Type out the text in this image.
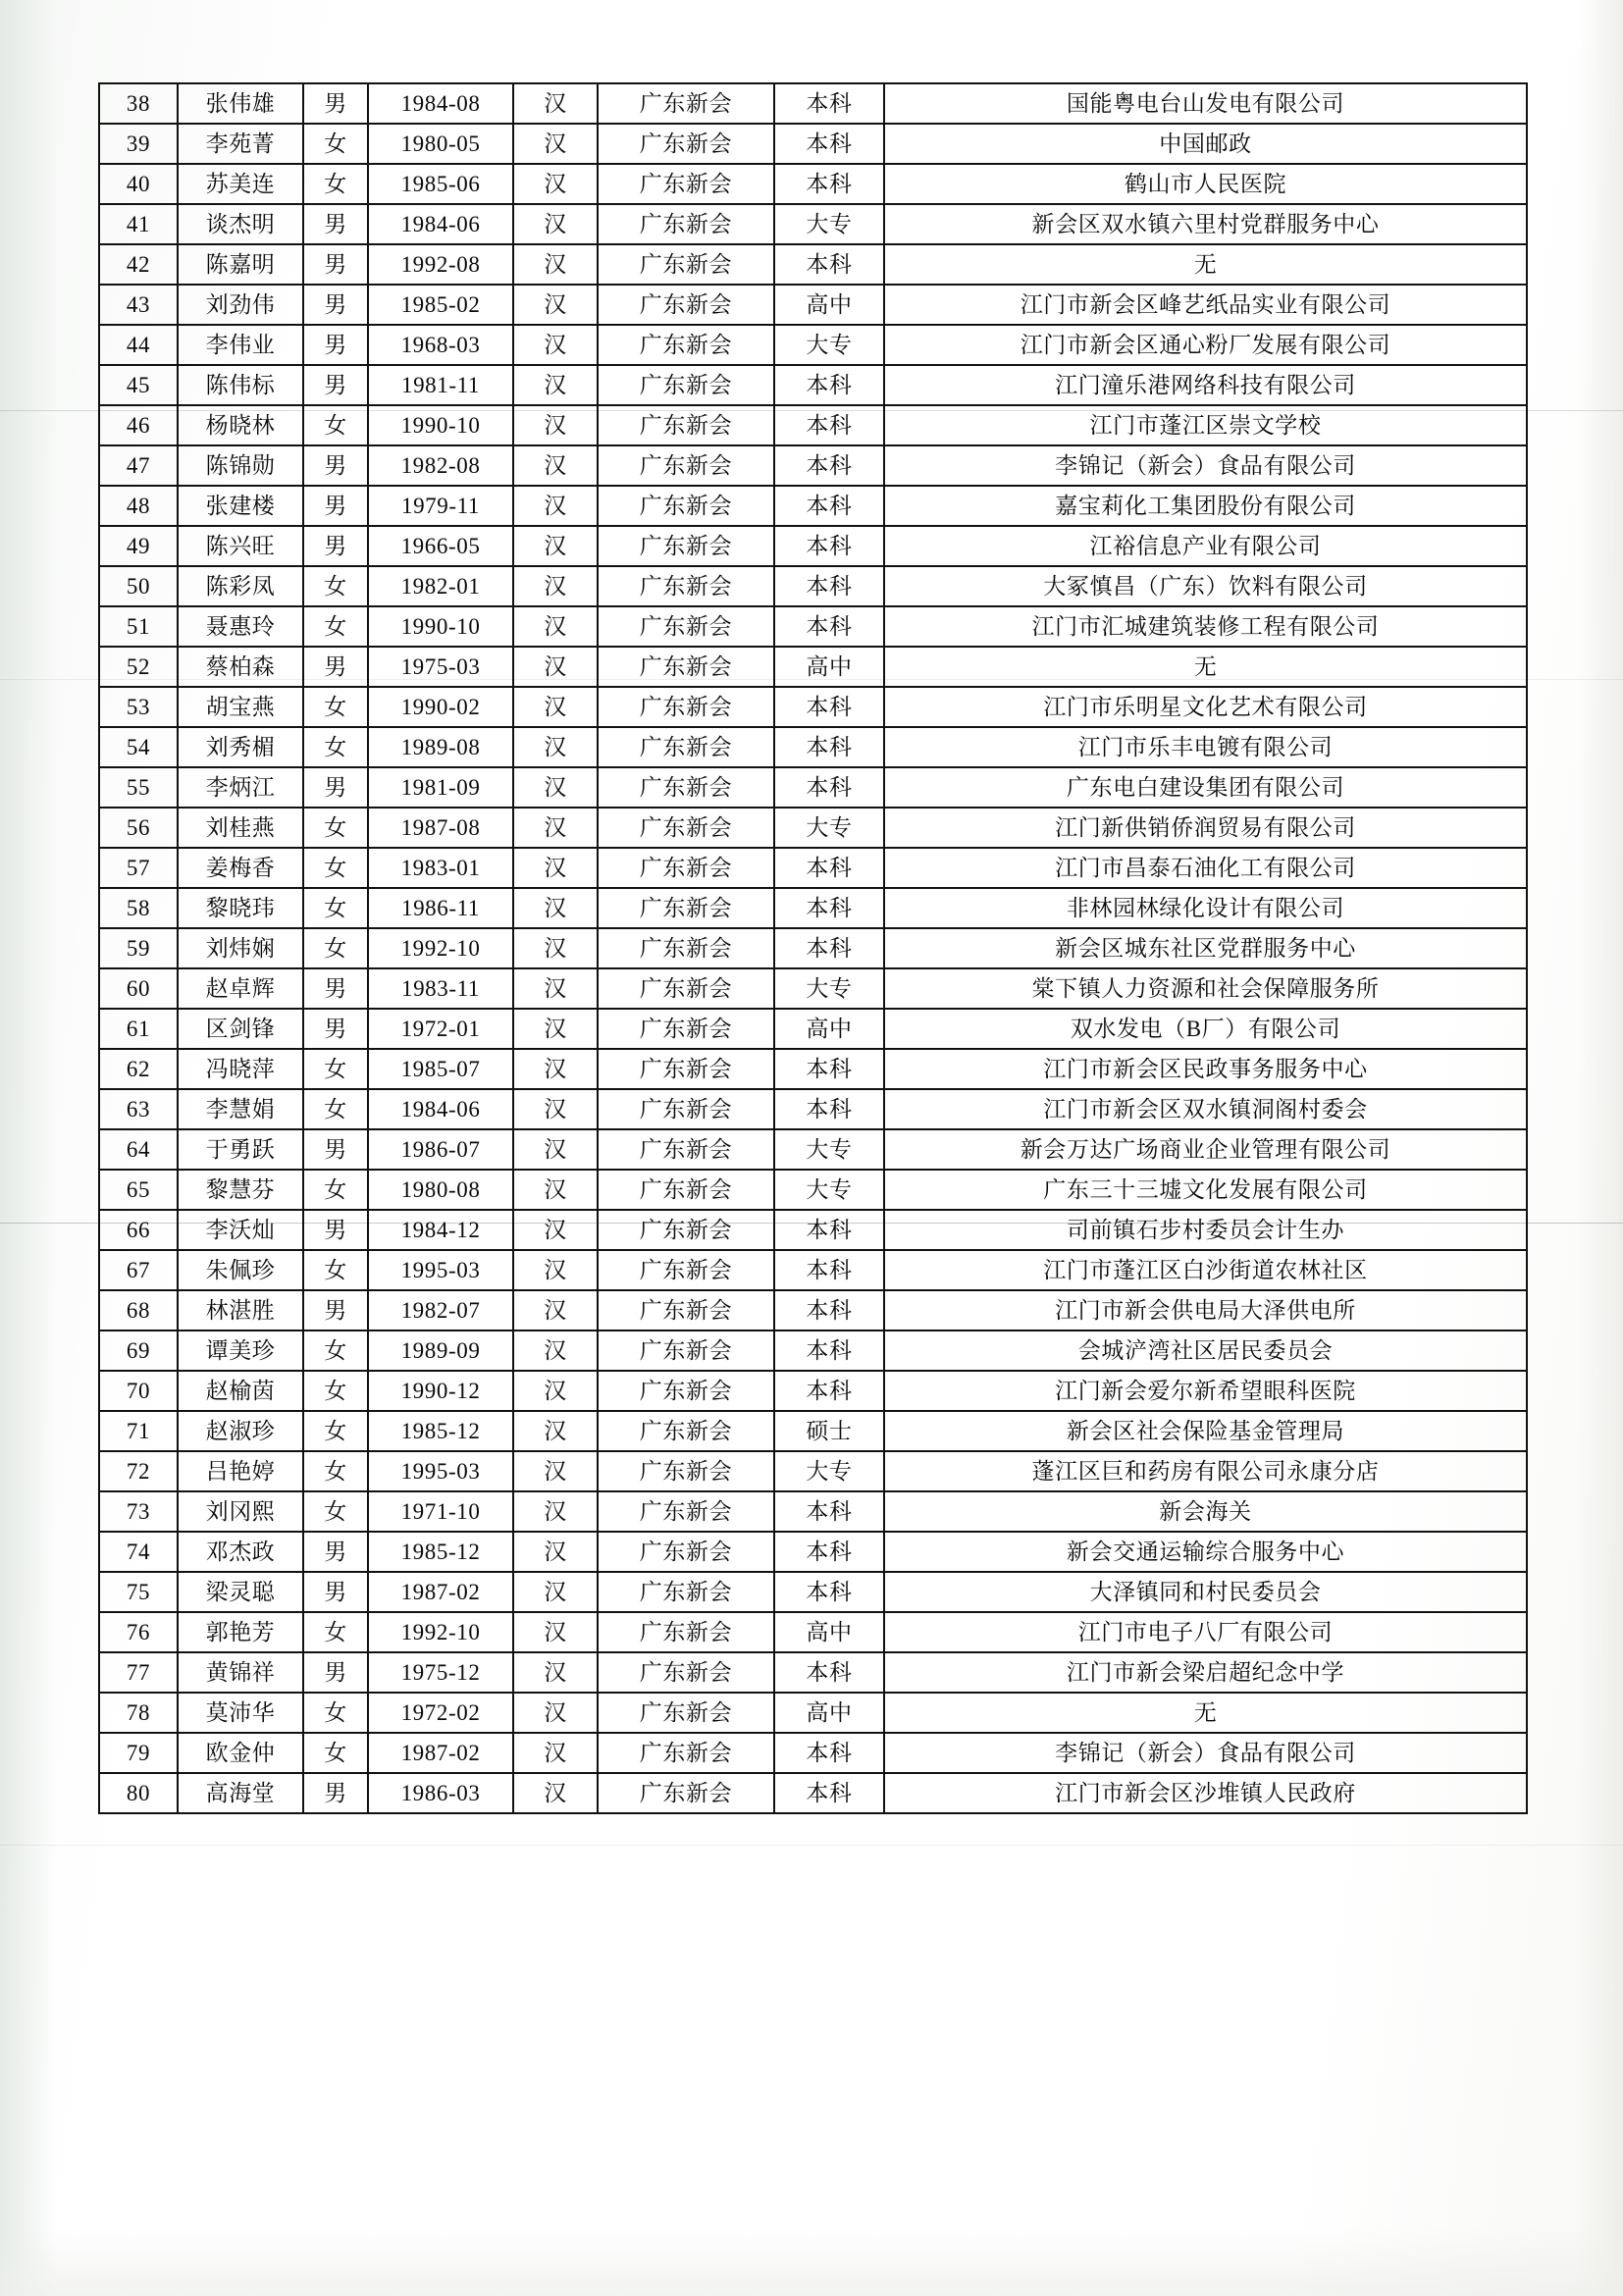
38	张伟雄	男	1984-08	汉	广东新会	本科	国能粤电台山发电有限公司
39	李苑菁	女	1980-05	汉	广东新会	本科	中国邮政
40	苏美连	女	1985-06	汉	广东新会	本科	鹤山市人民医院
41	谈杰明	男	1984-06	汉	广东新会	大专	新会区双水镇六里村党群服务中心
42	陈嘉明	男	1992-08	汉	广东新会	本科	无
43	刘劲伟	男	1985-02	汉	广东新会	高中	江门市新会区峰艺纸品实业有限公司
44	李伟业	男	1968-03	汉	广东新会	大专	江门市新会区通心粉厂发展有限公司
45	陈伟标	男	1981-11	汉	广东新会	本科	江门潼乐港网络科技有限公司
46	杨晓林	女	1990-10	汉	广东新会	本科	江门市蓬江区崇文学校
47	陈锦勋	男	1982-08	汉	广东新会	本科	李锦记（新会）食品有限公司
48	张建楼	男	1979-11	汉	广东新会	本科	嘉宝莉化工集团股份有限公司
49	陈兴旺	男	1966-05	汉	广东新会	本科	江裕信息产业有限公司
50	陈彩凤	女	1982-01	汉	广东新会	本科	大冢慎昌（广东）饮料有限公司
51	聂惠玲	女	1990-10	汉	广东新会	本科	江门市汇城建筑装修工程有限公司
52	蔡柏森	男	1975-03	汉	广东新会	高中	无
53	胡宝燕	女	1990-02	汉	广东新会	本科	江门市乐明星文化艺术有限公司
54	刘秀楣	女	1989-08	汉	广东新会	本科	江门市乐丰电镀有限公司
55	李炳江	男	1981-09	汉	广东新会	本科	广东电白建设集团有限公司
56	刘桂燕	女	1987-08	汉	广东新会	大专	江门新供销侨润贸易有限公司
57	姜梅香	女	1983-01	汉	广东新会	本科	江门市昌泰石油化工有限公司
58	黎晓玮	女	1986-11	汉	广东新会	本科	非林园林绿化设计有限公司
59	刘炜娴	女	1992-10	汉	广东新会	本科	新会区城东社区党群服务中心
60	赵卓辉	男	1983-11	汉	广东新会	大专	棠下镇人力资源和社会保障服务所
61	区剑锋	男	1972-01	汉	广东新会	高中	双水发电（B厂）有限公司
62	冯晓萍	女	1985-07	汉	广东新会	本科	江门市新会区民政事务服务中心
63	李慧娟	女	1984-06	汉	广东新会	本科	江门市新会区双水镇洞阁村委会
64	于勇跃	男	1986-07	汉	广东新会	大专	新会万达广场商业企业管理有限公司
65	黎慧芬	女	1980-08	汉	广东新会	大专	广东三十三墟文化发展有限公司
66	李沃灿	男	1984-12	汉	广东新会	本科	司前镇石步村委员会计生办
67	朱佩珍	女	1995-03	汉	广东新会	本科	江门市蓬江区白沙街道农林社区
68	林湛胜	男	1982-07	汉	广东新会	本科	江门市新会供电局大泽供电所
69	谭美珍	女	1989-09	汉	广东新会	本科	会城浐湾社区居民委员会
70	赵榆茵	女	1990-12	汉	广东新会	本科	江门新会爱尔新希望眼科医院
71	赵淑珍	女	1985-12	汉	广东新会	硕士	新会区社会保险基金管理局
72	吕艳婷	女	1995-03	汉	广东新会	大专	蓬江区巨和药房有限公司永康分店
73	刘冈熙	女	1971-10	汉	广东新会	本科	新会海关
74	邓杰政	男	1985-12	汉	广东新会	本科	新会交通运输综合服务中心
75	梁灵聪	男	1987-02	汉	广东新会	本科	大泽镇同和村民委员会
76	郭艳芳	女	1992-10	汉	广东新会	高中	江门市电子八厂有限公司
77	黄锦祥	男	1975-12	汉	广东新会	本科	江门市新会梁启超纪念中学
78	莫沛华	女	1972-02	汉	广东新会	高中	无
79	欧金仲	女	1987-02	汉	广东新会	本科	李锦记（新会）食品有限公司
80	高海堂	男	1986-03	汉	广东新会	本科	江门市新会区沙堆镇人民政府
